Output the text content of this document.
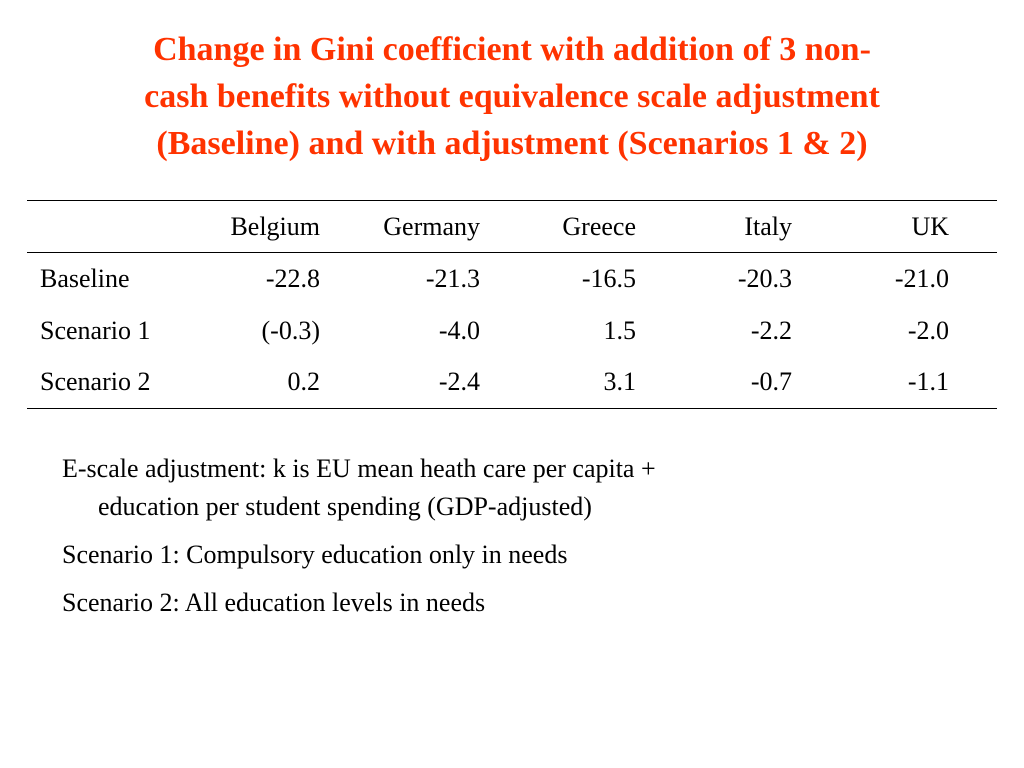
Change in Gini coefficient with addition of 3 non-
cash benefits without equivalence scale adjustment
(Baseline) and with adjustment (Scenarios 1 & 2)
	Belgium	Germany	Greece	Italy	UK	
Baseline	-22.8	-21.3	-16.5	-20.3	-21.0	
Scenario 1	(-0.3)	-4.0	1.5	-2.2	-2.0	
Scenario 2	0.2	-2.4	3.1	-0.7	-1.1	
E-scale adjustment: k is EU mean heath care per capita +
education per student spending (GDP-adjusted)
Scenario 1: Compulsory education only in needs
Scenario 2: All education levels in needs
